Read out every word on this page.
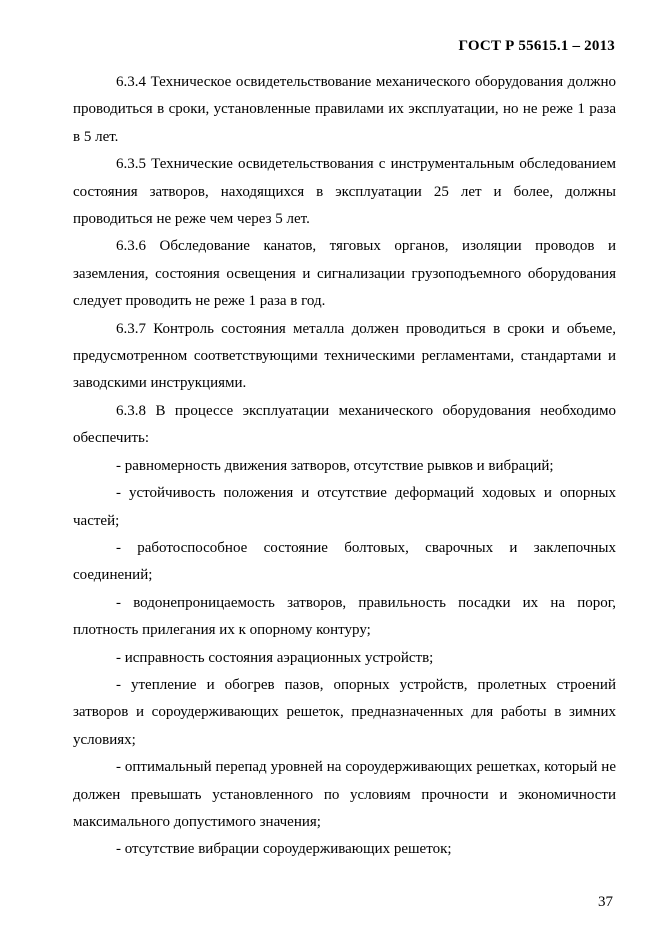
ГОСТ Р 55615.1 – 2013

6.3.4 Техническое освидетельствование механического оборудования должно проводиться в сроки, установленные правилами их эксплуатации, но не реже 1 раза в 5 лет.

6.3.5 Технические освидетельствования с инструментальным обследованием состояния затворов, находящихся в эксплуатации 25 лет и более, должны проводиться не реже чем через 5 лет.

6.3.6 Обследование канатов, тяговых органов, изоляции проводов и заземления, состояния освещения и сигнализации грузоподъемного оборудования следует проводить не реже 1 раза в год.

6.3.7 Контроль состояния металла должен проводиться в сроки и объеме, предусмотренном соответствующими техническими регламентами, стандартами и заводскими инструкциями.

6.3.8 В процессе эксплуатации механического оборудования необходимо обеспечить:

- равномерность движения затворов, отсутствие рывков и вибраций;

- устойчивость положения и отсутствие деформаций ходовых и опорных частей;

- работоспособное состояние болтовых, сварочных и заклепочных соединений;

- водонепроницаемость затворов, правильность посадки их на порог, плотность прилегания их к опорному контуру;

- исправность состояния аэрационных устройств;

- утепление и обогрев пазов, опорных устройств, пролетных строений затворов и сороудерживающих решеток, предназначенных для работы в зимних условиях;

- оптимальный перепад уровней на сороудерживающих решетках, который не должен превышать установленного по условиям прочности и экономичности максимального допустимого значения;

- отсутствие вибрации сороудерживающих решеток;

37
